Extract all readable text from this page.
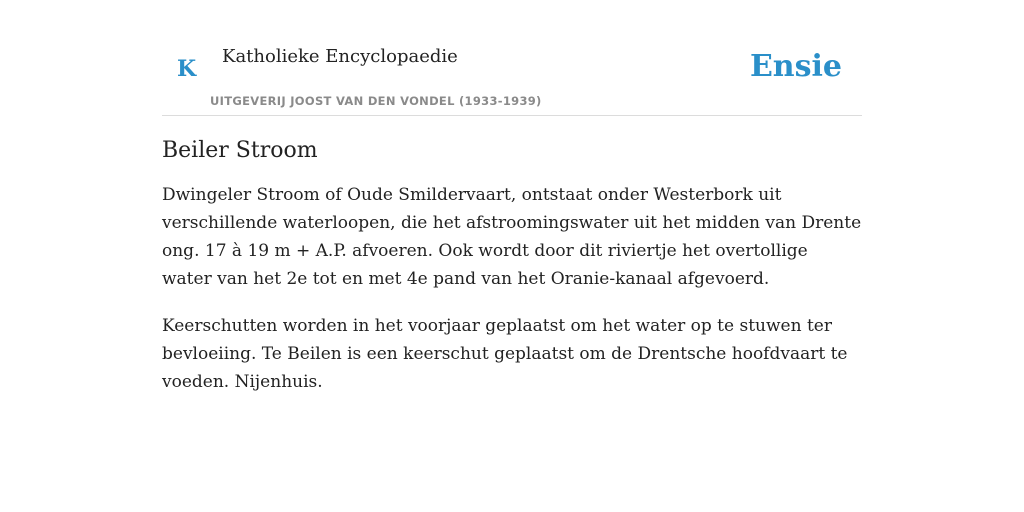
K Katholieke Encyclopaedie
UITGEVERIJ JOOST VAN DEN VONDEL (1933-1939)
Ensie
Beiler Stroom

Dwingeler Stroom of Oude Smildervaart, ontstaat onder Westerbork uit verschillende waterloopen, die het afstroomingswater uit het midden van Drente ong. 17 à 19 m + A.P. afvoeren. Ook wordt door dit riviertje het overtollige water van het 2e tot en met 4e pand van het Oranie-kanaal afgevoerd.

Keerschutten worden in het voorjaar geplaatst om het water op te stuwen ter bevloeiing. Te Beilen is een keerschut geplaatst om de Drentsche hoofdvaart te voeden. Nijenhuis.
